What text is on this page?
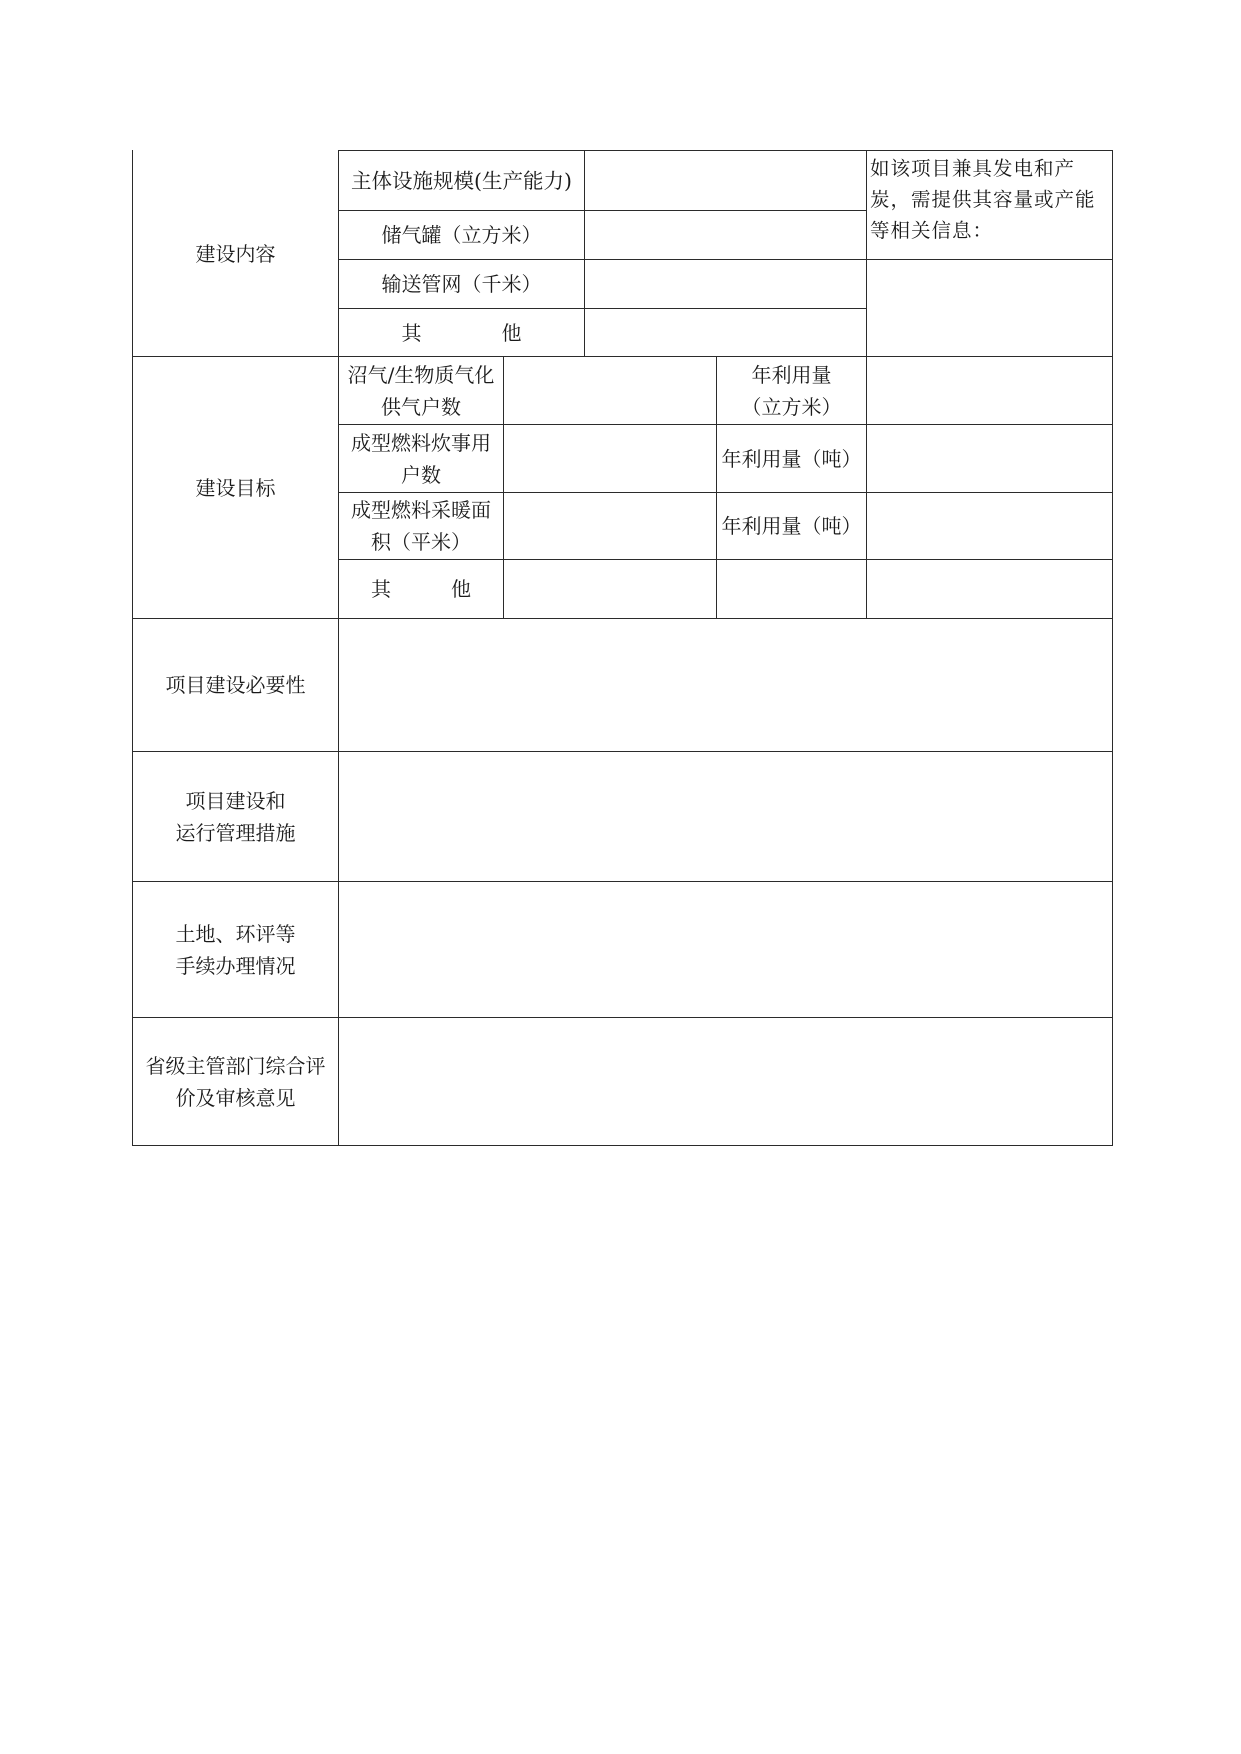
建设内容
主体设施规模(生产能力)
储气罐（立方米）
输送管网（千米）
其	他
如该项目兼具发电和产
炭，需提供其容量或产能
等相关信息：
建设目标
沼气/生物质气化
供气户数
年利用量
（立方米）
成型燃料炊事用
户数
年利用量（吨）
成型燃料采暖面
积（平米）
年利用量（吨）
其	他
项目建设必要性
项目建设和
运行管理措施
土地、环评等
手续办理情况
省级主管部门综合评
价及审核意见
